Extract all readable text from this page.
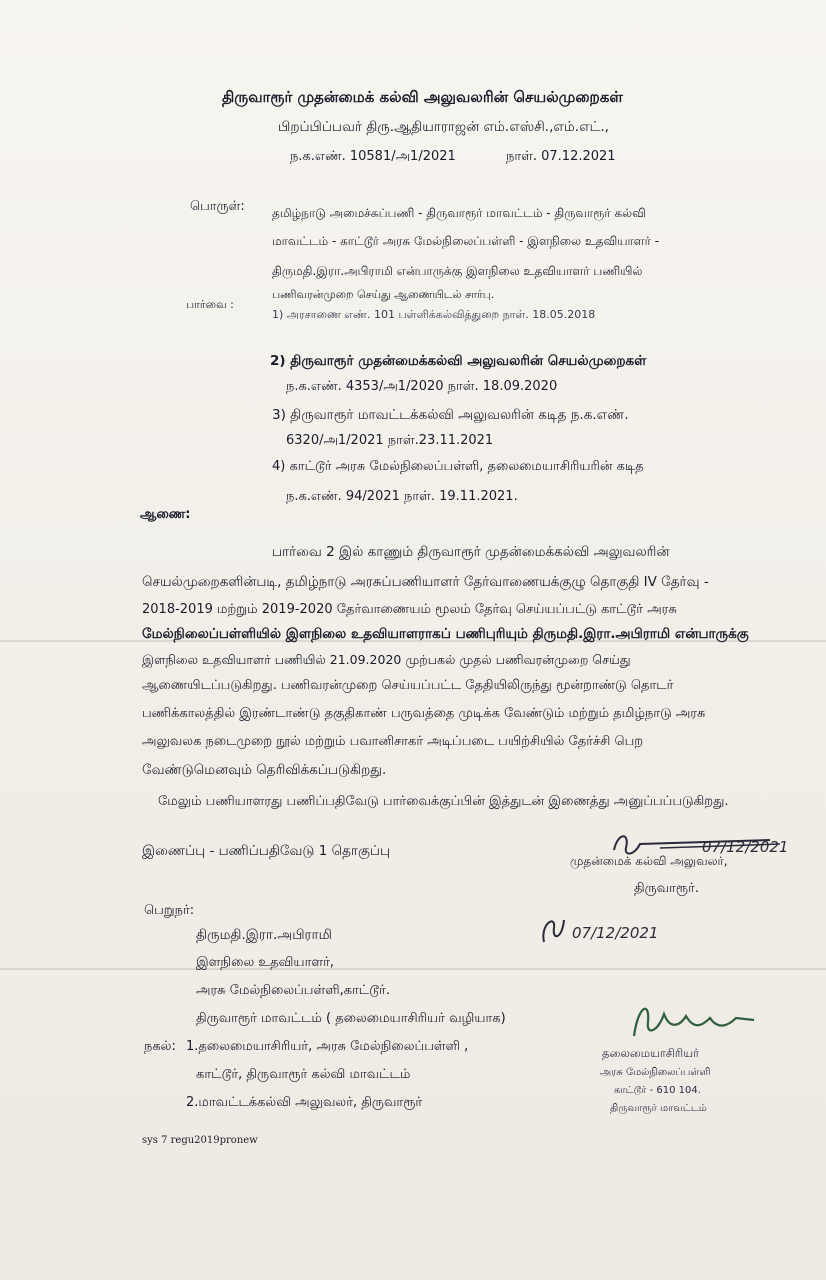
திருவாரூர் முதன்மைக் கல்வி அலுவலரின் செயல்முறைகள்
பிறப்பிப்பவர் திரு.ஆதியாராஜன் எம்.எஸ்சி.,எம்.எட்.,
ந.க.எண். 10581/அ1/2021	நாள். 07.12.2021
பொருள்: தமிழ்நாடு அமைச்சுப்பணி - திருவாரூர் மாவட்டம் - திருவாரூர் கல்வி
மாவட்டம் - காட்டூர் அரசு மேல்நிலைப்பள்ளி - இளநிலை உதவியாளர் -
திருமதி.இரா.அபிராமி என்பாருக்கு இளநிலை உதவியாளர் பணியில்
பணிவரன்முறை செய்து ஆணையிடல் சார்பு.
பார்வை :
1) அரசாணை எண். 101 பள்ளிக்கல்வித்துறை நாள். 18.05.2018
2) திருவாரூர் முதன்மைக்கல்வி அலுவலரின் செயல்முறைகள்
ந.க.எண். 4353/அ1/2020 நாள். 18.09.2020
3) திருவாரூர் மாவட்டக்கல்வி அலுவலரின் கடித ந.க.எண்.
6320/அ1/2021 நாள்.23.11.2021
4) காட்டூர் அரசு மேல்நிலைப்பள்ளி, தலைமையாசிரியரின் கடித
ந.க.எண். 94/2021 நாள். 19.11.2021.
ஆணை:
பார்வை 2 இல் காணும் திருவாரூர் முதன்மைக்கல்வி அலுவலரின்
செயல்முறைகளின்படி, தமிழ்நாடு அரசுப்பணியாளர் தேர்வாணையக்குழு தொகுதி IV தேர்வு -
2018-2019 மற்றும் 2019-2020 தேர்வாணையம் மூலம் தேர்வு செய்யப்பட்டு காட்டூர் அரசு
மேல்நிலைப்பள்ளியில் இளநிலை உதவியாளராகப் பணிபுரியும் திருமதி.இரா.அபிராமி என்பாருக்கு
இளநிலை உதவியாளர் பணியில் 21.09.2020 முற்பகல் முதல் பணிவரன்முறை செய்து
ஆணையிடப்படுகிறது. பணிவரன்முறை செய்யப்பட்ட தேதியிலிருந்து மூன்றாண்டு தொடர்
பணிக்காலத்தில் இரண்டாண்டு தகுதிகாண் பருவத்தை முடிக்க வேண்டும் மற்றும் தமிழ்நாடு அரசு
அலுவலக நடைமுறை நூல் மற்றும் பவானிசாகர் அடிப்படை பயிற்சியில் தேர்ச்சி பெற
வேண்டுமெனவும் தெரிவிக்கப்படுகிறது.
மேலும் பணியாளரது பணிப்பதிவேடு பார்வைக்குப்பின் இத்துடன் இணைத்து அனுப்பப்படுகிறது.
இணைப்பு - பணிப்பதிவேடு 1 தொகுப்பு	07/12/2021
முதன்மைக் கல்வி அலுவலர்,
திருவாரூர்.
பெறுநர்:
திருமதி.இரா.அபிராமி
இளநிலை உதவியாளர்,
அரசு மேல்நிலைப்பள்ளி,காட்டூர்.
திருவாரூர் மாவட்டம் ( தலைமையாசிரியர் வழியாக)
07/12/2021
நகல்: 1.தலைமையாசிரியர், அரசு மேல்நிலைப்பள்ளி ,
காட்டூர், திருவாரூர் கல்வி மாவட்டம்
2.மாவட்டக்கல்வி அலுவலர், திருவாரூர்
தலைமையாசிரியர்
அரசு மேல்நிலைப்பள்ளி
காட்டூர் - 610 104.
திருவாரூர் மாவட்டம்
sys 7 regu2019pronew
